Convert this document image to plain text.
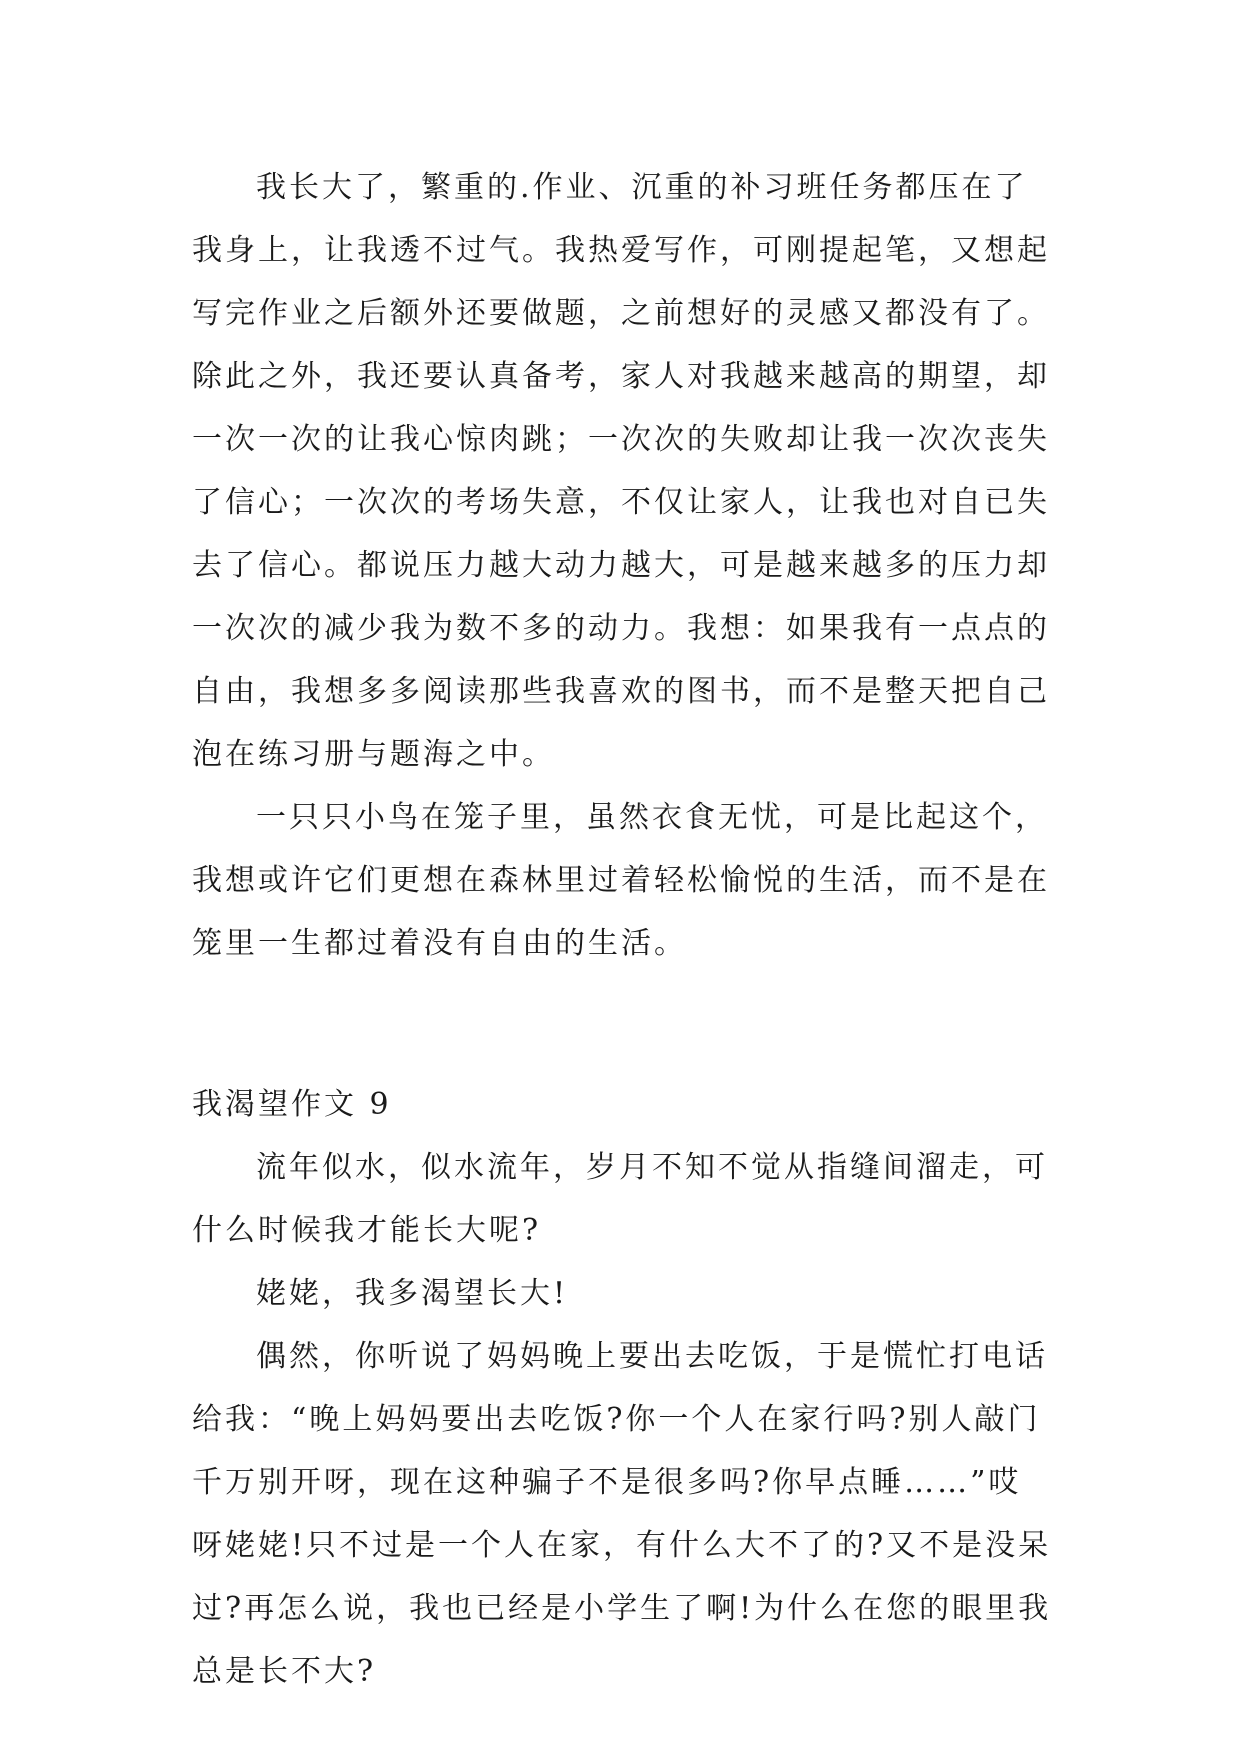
我长大了，繁重的.作业、沉重的补习班任务都压在了
我身上，让我透不过气。我热爱写作，可刚提起笔，又想起
写完作业之后额外还要做题，之前想好的灵感又都没有了。
除此之外，我还要认真备考，家人对我越来越高的期望，却
一次一次的让我心惊肉跳；一次次的失败却让我一次次丧失
了信心；一次次的考场失意，不仅让家人，让我也对自已失
去了信心。都说压力越大动力越大，可是越来越多的压力却
一次次的减少我为数不多的动力。我想：如果我有一点点的
自由，我想多多阅读那些我喜欢的图书，而不是整天把自己
泡在练习册与题海之中。
一只只小鸟在笼子里，虽然衣食无忧，可是比起这个，
我想或许它们更想在森林里过着轻松愉悦的生活，而不是在
笼里一生都过着没有自由的生活。
我渴望作文 9
流年似水，似水流年，岁月不知不觉从指缝间溜走，可
什么时候我才能长大呢?
姥姥，我多渴望长大!
偶然，你听说了妈妈晚上要出去吃饭，于是慌忙打电话
给我：“晚上妈妈要出去吃饭?你一个人在家行吗?别人敲门
千万别开呀，现在这种骗子不是很多吗?你早点睡……”哎
呀姥姥!只不过是一个人在家，有什么大不了的?又不是没呆
过?再怎么说，我也已经是小学生了啊!为什么在您的眼里我
总是长不大?
